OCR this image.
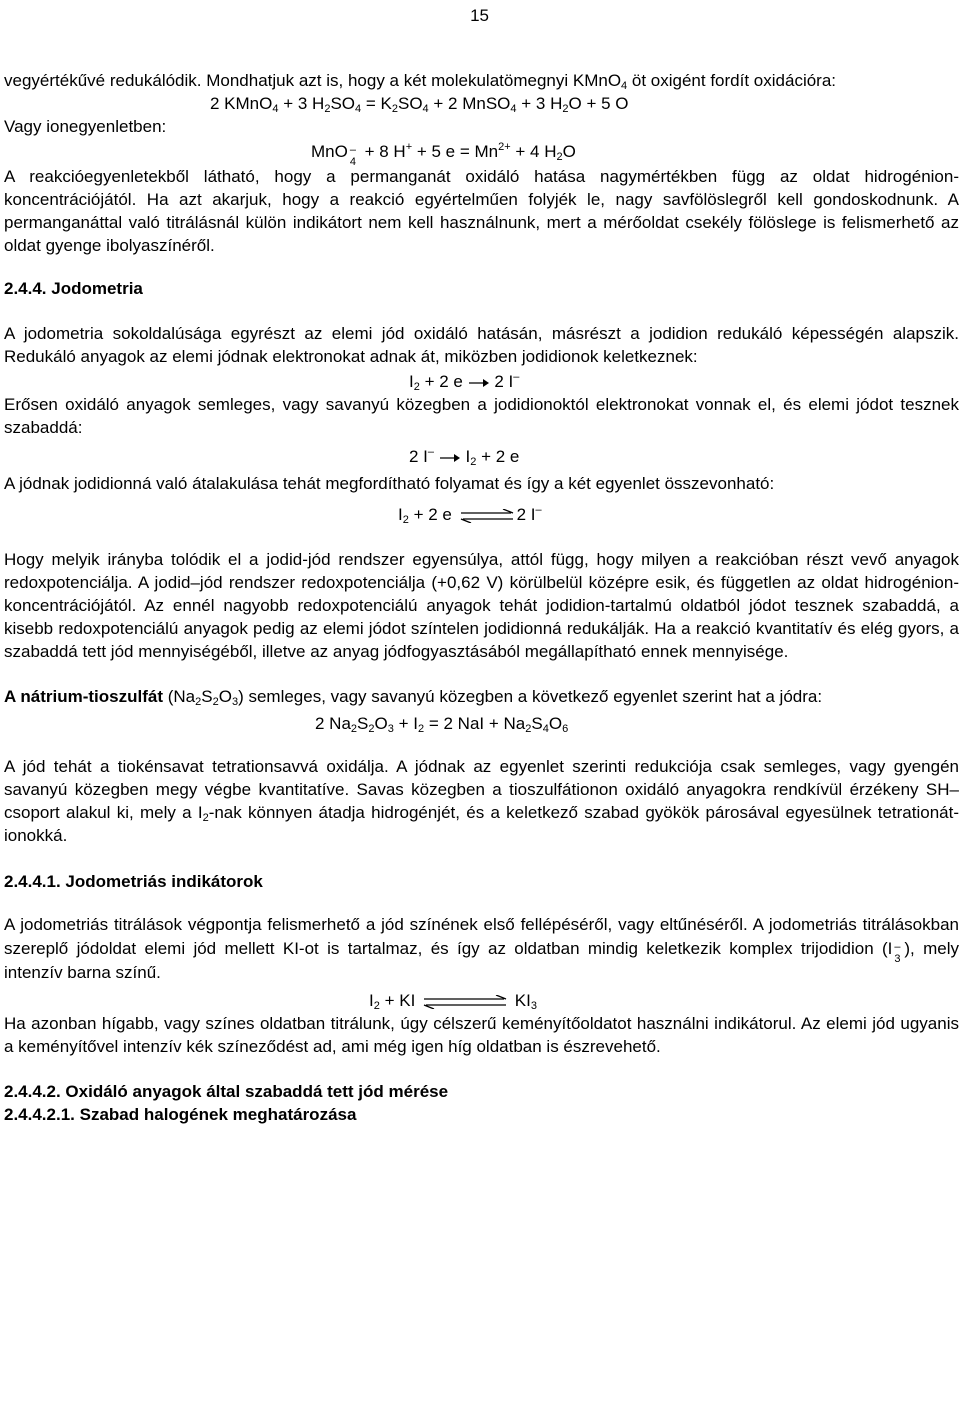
15

vegyértékűvé redukálódik. Mondhatjuk azt is, hogy a két molekulatömegnyi KMnO$_4$ öt oxigént fordít oxidációra:

2 KMnO$_4$ + 3 $H_2SO_4 = K_2SO_4 + 2$ MnSO$_4$ + 3 $H_2O + 5$ O

Vagy ionegyenletben:

MnO –
4
+ 8 H+ + 5 $e = Mn^{2+} + 4$ $H_2O$

A reakcióegyenletekből látható, hogy a permanganát oxidáló hatása nagymértékben függ az oldat hidrogénion-koncentrációjától. Ha azt akarjuk, hogy a reakció egyértelműen folyjék le, nagy savfölöslegről kell gondoskodnunk. A permanganáttal való titrálásnál külön indikátort nem kell használnunk, mert a mérőoldat csekély fölöslege is felismerhető az oldat gyenge ibolyaszínéről.

2.4.4. Jodometria

A jodometria sokoldalúsága egyrészt az elemi jód oxidáló hatásán, másrészt a jodidion redukáló képességén alapszik. Redukáló anyagok az elemi jódnak elektronokat adnak át, miközben jodidionok keletkeznek:

$I_2 + 2$ e  2 I–

Erősen oxidáló anyagok semleges, vagy savanyú közegben a jodidionoktól elektronokat vonnak el, és elemi jódot tesznek szabaddá:

2 I–  $I_2 + 2$ e

A jódnak jodidionná való átalakulása tehát megfordítható folyamat és így a két egyenlet összevonható:

$I_2 + 2$ e ⇌2 I–

Hogy melyik irányba tolódik el a jodid-jód rendszer egyensúlya, attól függ, hogy milyen a reakcióban részt vevő anyagok redoxpotenciálja. A jodid–jód rendszer redoxpotenciálja (+0,62 V) körülbelül középre esik, és független az oldat hidrogénion-koncentrációjától. Az ennél nagyobb redoxpotenciálú anyagok tehát jodidion-tartalmú oldatból jódot tesznek szabaddá, a kisebb redoxpotenciálú anyagok pedig az elemi jódot színtelen jodidionná redukálják. Ha a reakció kvantitatív és elég gyors, a szabaddá tett jód mennyiségéből, illetve az anyag jódfogyasztásából megállapítható ennek mennyisége.

A nátrium-tioszulfát $(Na_2S_2O_3)$ semleges, vagy savanyú közegben a következő egyenlet szerint hat a jódra:

2 $Na_2S_2O_3 + I_2 = 2$ NaI + $Na_2S_4O_6$

A jód tehát a tiokénsavat tetrationsavvá oxidálja. A jódnak az egyenlet szerinti redukciója csak semleges, vagy gyengén savanyú közegben megy végbe kvantitatíve. Savas közegben a tioszulfátionon oxidáló anyagokra rendkívül érzékeny SH–csoport alakul ki, mely a $I_2$-nak könnyen átadja hidrogénjét, és a keletkező szabad gyökök párosával egyesülnek tetrationát-ionokká.

2.4.4.1. Jodometriás indikátorok

A jodometriás titrálások végpontja felismerhető a jód színének első fellépéséről, vagy eltűnéséről. A jodometriás titrálásokban szereplő jódoldat elemi jód mellett KI-ot is tartalmaz, és így az oldatban mindig keletkezik komplex trijodidion (I –
3
), mely intenzív barna színű.

$I_2$ + KI	$KI_3$

Ha azonban hígabb, vagy színes oldatban titrálunk, úgy célszerű keményítőoldatot használni indikátorul. Az elemi jód ugyanis a keményítővel intenzív kék színeződést ad, ami még igen híg oldatban is észrevehető.

2.4.4.2. Oxidáló anyagok által szabaddá tett jód mérése
2.4.4.2.1. Szabad halogének meghatározása
